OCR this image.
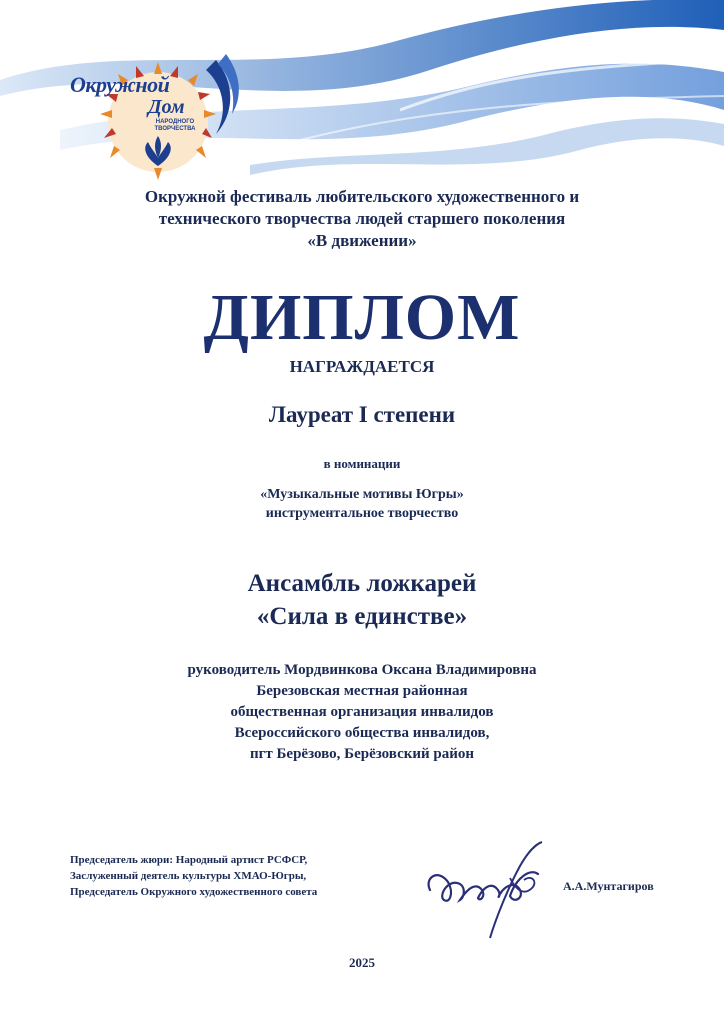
Окружной
Дом
НАРОДНОГО
ТВОРЧЕСТВА
Окружной фестиваль любительского художественного и
технического творчества людей старшего поколения
«В движении»
ДИПЛОМ
НАГРАЖДАЕТСЯ
Лауреат I степени
в номинации
«Музыкальные мотивы Югры»
инструментальное творчество
Ансамбль ложкарей
«Сила в единстве»
руководитель Мордвинкова Оксана Владимировна
Березовская местная районная
общественная организация инвалидов
Всероссийского общества инвалидов,
пгт Берёзово, Берёзовский район
Председатель жюри: Народный артист РСФСР,
Заслуженный деятель культуры ХМАО-Югры,
Председатель Окружного художественного совета	А.А.Мунтагиров
2025
